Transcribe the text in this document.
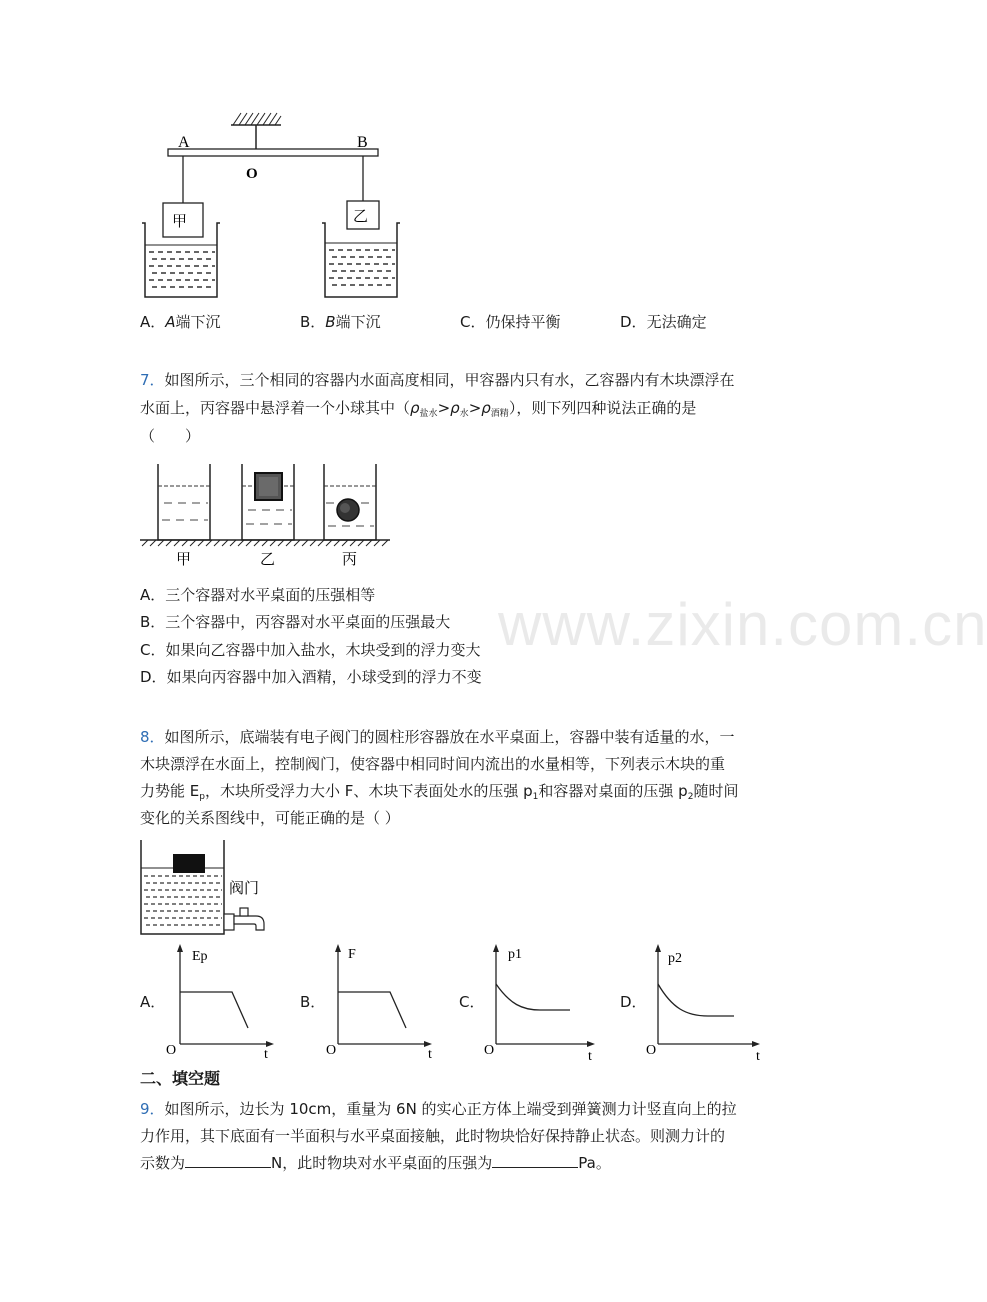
A	B
O
甲	乙
A．A端下沉	B．B端下沉	C．仍保持平衡	D．无法确定
7．如图所示，三个相同的容器内水面高度相同，甲容器内只有水，乙容器内有木块漂浮在
水面上，丙容器中悬浮着一个小球其中$(\rho_{盐水}>\rho_水>\rho_{酒精})$，则下列四种说法正确的是
（　　）
甲	乙	丙
A．三个容器对水平桌面的压强相等
B．三个容器中，丙容器对水平桌面的压强最大
C．如果向乙容器中加入盐水，木块受到的浮力变大
D．如果向丙容器中加入酒精，小球受到的浮力不变
www.zixin.com.cn
8．如图所示，底端装有电子阀门的圆柱形容器放在水平桌面上，容器中装有适量的水，一
木块漂浮在水面上，控制阀门，使容器中相同时间内流出的水量相等，下列表示木块的重
力势能 $E_p$，木块所受浮力大小 F、木块下表面处水的压强 $p_1$和容器对桌面的压强 $p_2$随时间
变化的关系图线中，可能正确的是（ ）
阀门
A．
Ep
t
O
B．
F
t
O
C．
p1
t
O
D．
p2
t
O
二、填空题
9．如图所示，边长为 10cm，重量为 6N 的实心正方体上端受到弹簧测力计竖直向上的拉
力作用，其下底面有一半面积与水平桌面接触，此时物块恰好保持静止状态。则测力计的
示数为	N，此时物块对水平桌面的压强为	Pa。
